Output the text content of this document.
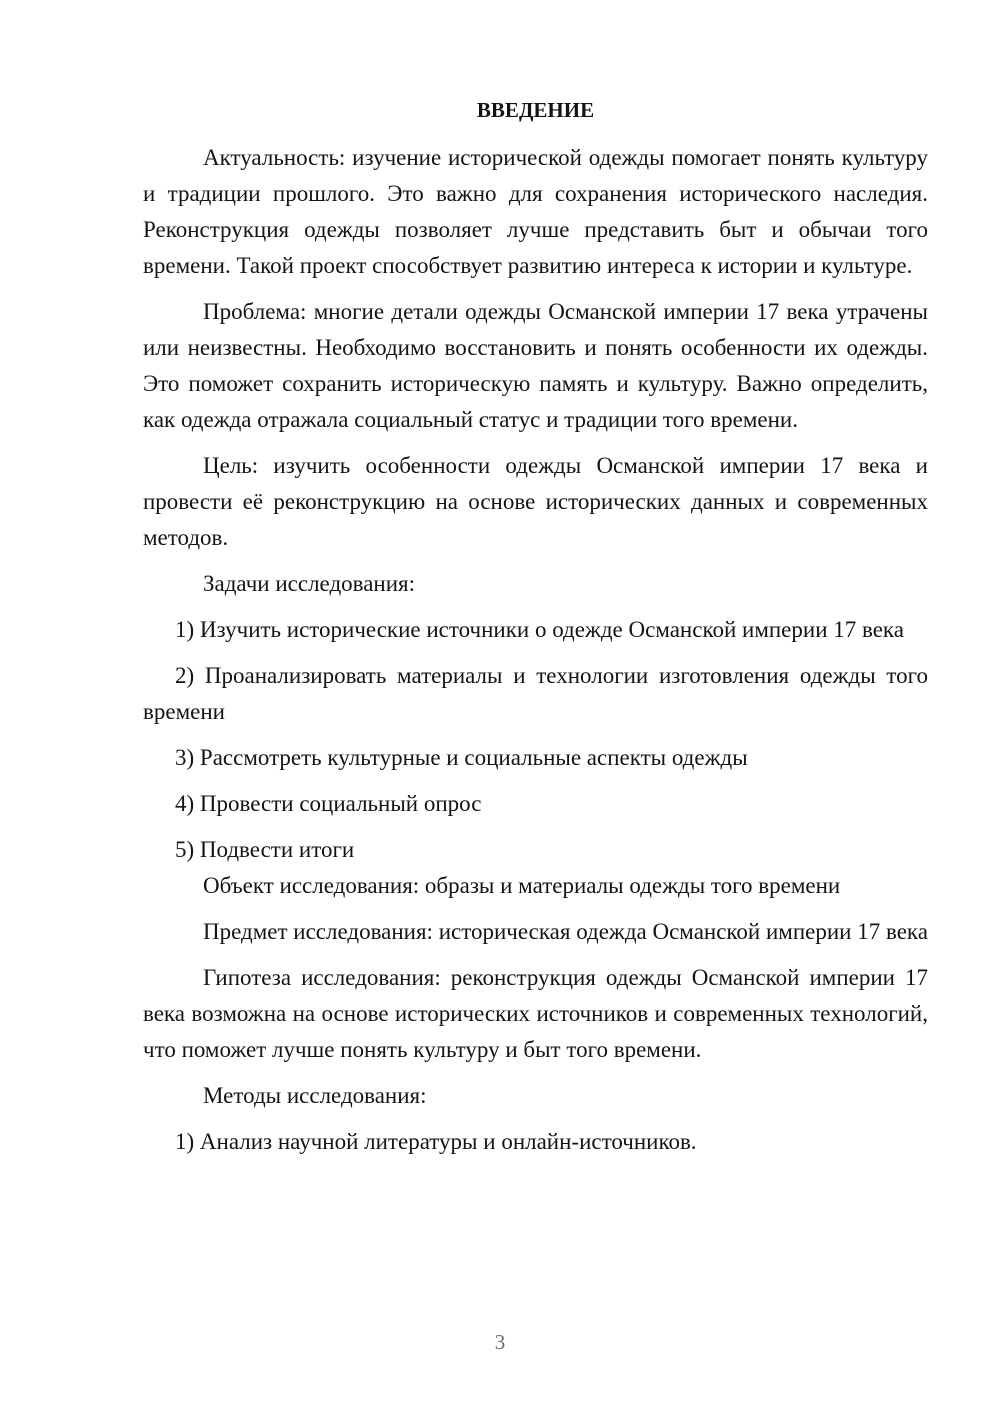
ВВЕДЕНИЕ

Актуальность: изучение исторической одежды помогает понять культуру и традиции прошлого. Это важно для сохранения исторического наследия. Реконструкция одежды позволяет лучше представить быт и обычаи того времени. Такой проект способствует развитию интереса к истории и культуре.

Проблема: многие детали одежды Османской империи 17 века утрачены или неизвестны. Необходимо восстановить и понять особенности их одежды. Это поможет сохранить историческую память и культуру. Важно определить, как одежда отражала социальный статус и традиции того времени.

Цель: изучить особенности одежды Османской империи 17 века и провести её реконструкцию на основе исторических данных и современных методов.

Задачи исследования:

1) Изучить исторические источники о одежде Османской империи 17 века

2) Проанализировать материалы и технологии изготовления одежды того времени

3) Рассмотреть культурные и социальные аспекты одежды

4) Провести социальный опрос

5) Подвести итоги

Объект исследования: образы и материалы одежды того времени

Предмет исследования: историческая одежда Османской империи 17 века

Гипотеза исследования: реконструкция одежды Османской империи 17 века возможна на основе исторических источников и современных технологий, что поможет лучше понять культуру и быт того времени.

Методы исследования:

1) Анализ научной литературы и онлайн-источников.

3
